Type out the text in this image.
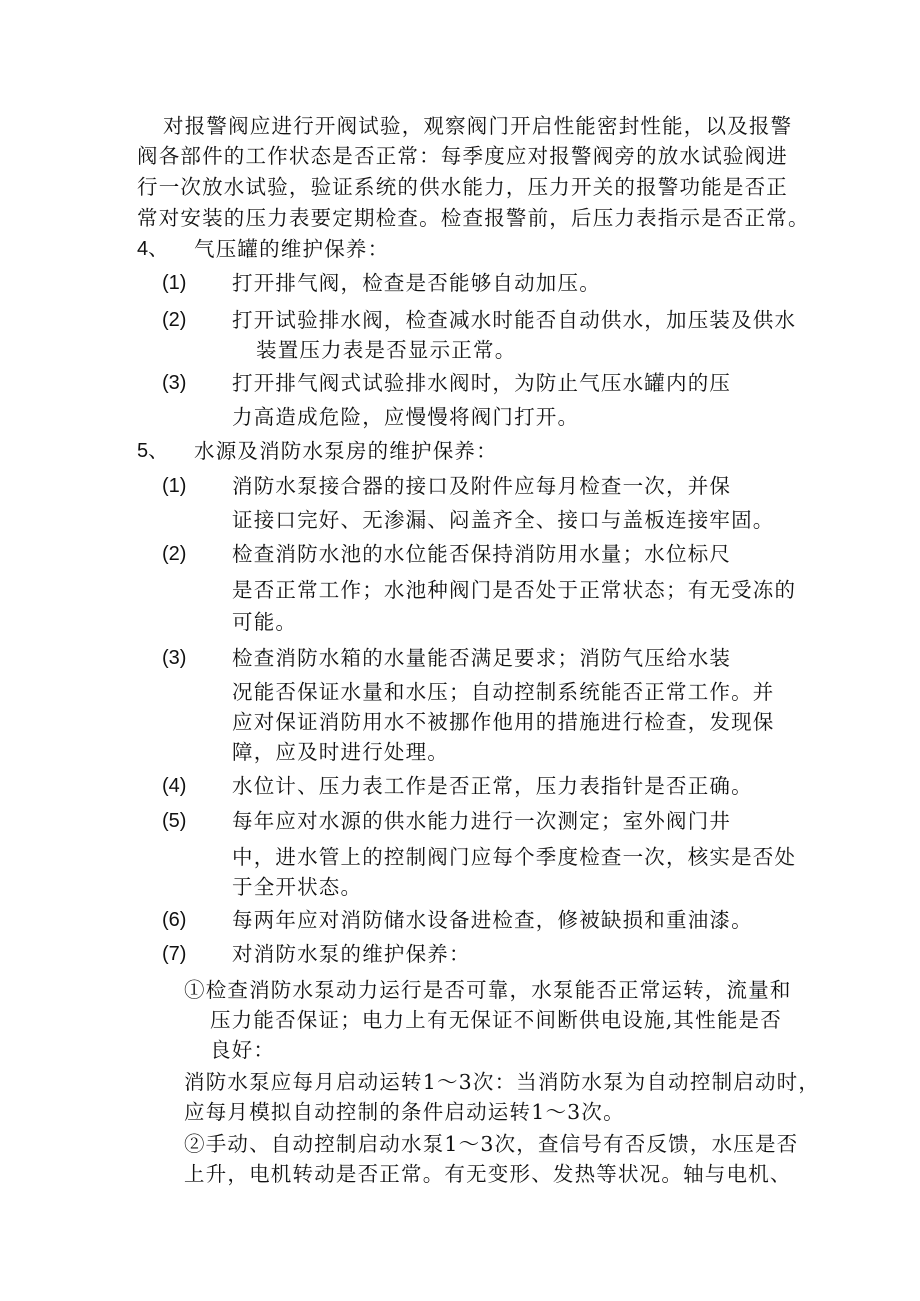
对报警阀应进行开阀试验，观察阀门开启性能密封性能，以及报警
阀各部件的工作状态是否正常：每季度应对报警阀旁的放水试验阀进
行一次放水试验，验证系统的供水能力，压力开关的报警功能是否正
常对安装的压力表要定期检查。检查报警前，后压力表指示是否正常。
4、 气压罐的维护保养：
(1) 打开排气阀，检查是否能够自动加压。
(2) 打开试验排水阀，检查减水时能否自动供水，加压装及供水
装置压力表是否显示正常。
(3) 打开排气阀式试验排水阀时，为防止气压水罐内的压
力高造成危险，应慢慢将阀门打开。
5、 水源及消防水泵房的维护保养：
(1) 消防水泵接合器的接口及附件应每月检查一次，并保
证接口完好、无渗漏、闷盖齐全、接口与盖板连接牢固。
(2) 检查消防水池的水位能否保持消防用水量；水位标尺
是否正常工作；水池种阀门是否处于正常状态；有无受冻的
可能。
(3) 检查消防水箱的水量能否满足要求；消防气压给水装
况能否保证水量和水压；自动控制系统能否正常工作。并
应对保证消防用水不被挪作他用的措施进行检查，发现保
障，应及时进行处理。
(4) 水位计、压力表工作是否正常，压力表指针是否正确。
(5) 每年应对水源的供水能力进行一次测定；室外阀门井
中，进水管上的控制阀门应每个季度检查一次，核实是否处
于全开状态。
(6) 每两年应对消防储水设备进检查，修被缺损和重油漆。
(7) 对消防水泵的维护保养：
①检查消防水泵动力运行是否可靠，水泵能否正常运转，流量和
压力能否保证；电力上有无保证不间断供电设施,其性能是否
良好：
消防水泵应每月启动运转1～3次：当消防水泵为自动控制启动时，
应每月模拟自动控制的条件启动运转1～3次。
②手动、自动控制启动水泵1～3次，查信号有否反馈，水压是否
上升，电机转动是否正常。有无变形、发热等状况。轴与电机、
